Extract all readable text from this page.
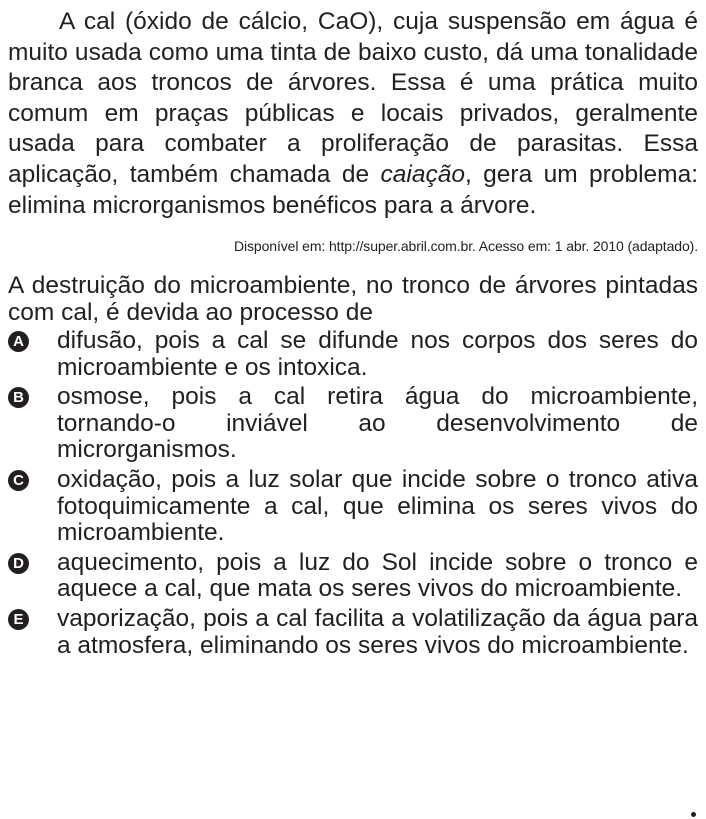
A cal (óxido de cálcio, CaO), cuja suspensão em água é muito usada como uma tinta de baixo custo, dá uma tonalidade branca aos troncos de árvores. Essa é uma prática muito comum em praças públicas e locais privados, geralmente usada para combater a proliferação de parasitas. Essa aplicação, também chamada de caiação, gera um problema: elimina microrganismos benéficos para a árvore.

Disponível em: http://super.abril.com.br. Acesso em: 1 abr. 2010 (adaptado).

A destruição do microambiente, no tronco de árvores pintadas com cal, é devida ao processo de

A difusão, pois a cal se difunde nos corpos dos seres do microambiente e os intoxica.
B osmose, pois a cal retira água do microambiente, tornando-o inviável ao desenvolvimento de microrganismos.
C oxidação, pois a luz solar que incide sobre o tronco ativa fotoquimicamente a cal, que elimina os seres vivos do microambiente.
D aquecimento, pois a luz do Sol incide sobre o tronco e aquece a cal, que mata os seres vivos do microambiente.
E vaporização, pois a cal facilita a volatilização da água para a atmosfera, eliminando os seres vivos do microambiente.
